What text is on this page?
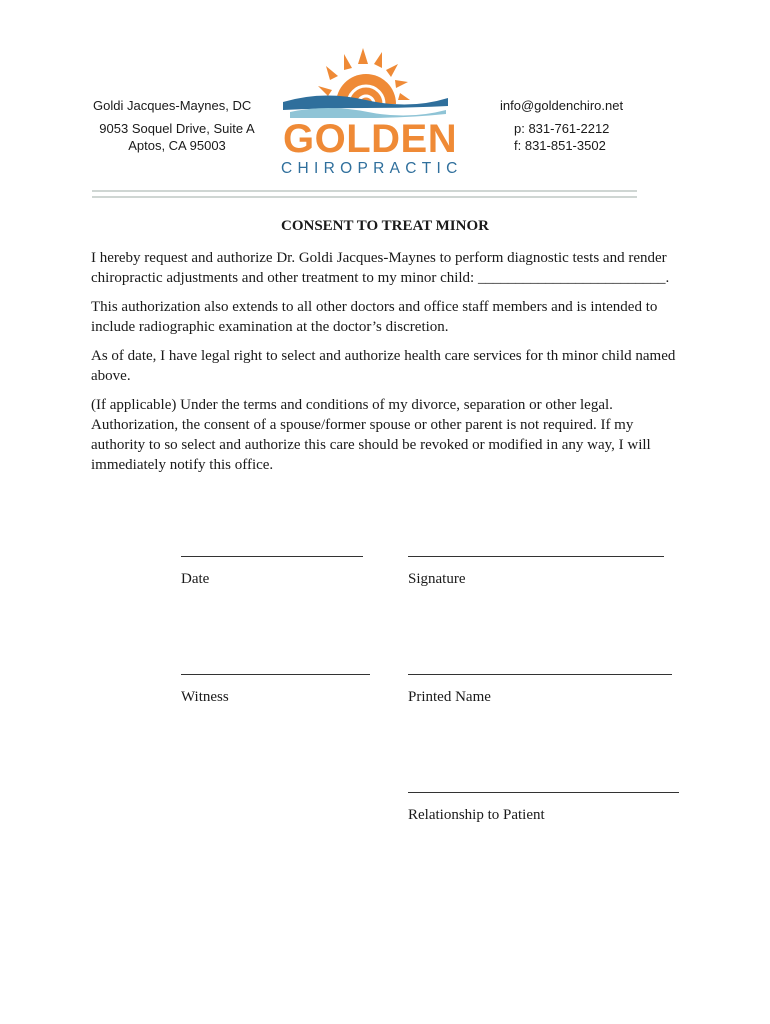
Goldi Jacques-Maynes, DC
9053 Soquel Drive, Suite A
Aptos, CA 95003	GOLDEN
CHIROPRACTIC
info@goldenchiro.net
p: 831-761-2212
f: 831-851-3502
CONSENT TO TREAT MINOR

I hereby request and authorize Dr. Goldi Jacques-Maynes to perform diagnostic tests and render chiropractic adjustments and other treatment to my minor child: _________________________.

This authorization also extends to all other doctors and office staff members and is intended to include radiographic examination at the doctor’s discretion.

As of date, I have legal right to select and authorize health care services for th minor child named above.

(If applicable) Under the terms and conditions of my divorce, separation or other legal. Authorization, the consent of a spouse/former spouse or other parent is not required. If my authority to so select and authorize this care should be revoked or modified in any way, I will immediately notify this office.

Date	Signature
Witness	Printed Name
Relationship to Patient
